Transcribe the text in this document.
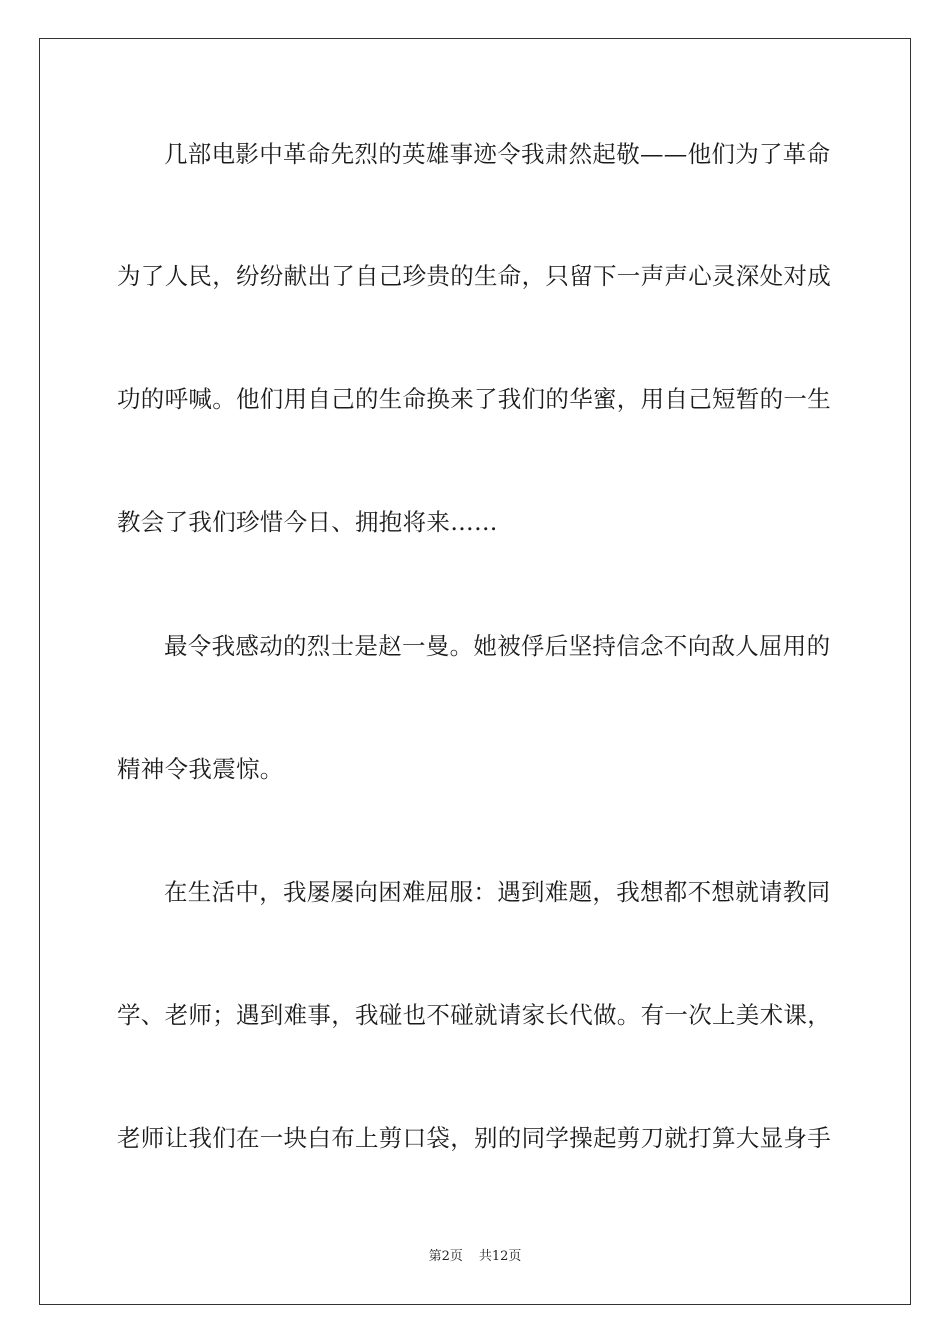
几部电影中革命先烈的英雄事迹令我肃然起敬——他们为了革命
为了人民，纷纷献出了自己珍贵的生命，只留下一声声心灵深处对成
功的呼喊。他们用自己的生命换来了我们的华蜜，用自己短暂的一生
教会了我们珍惜今日、拥抱将来……
最令我感动的烈士是赵一曼。她被俘后坚持信念不向敌人屈用的
精神令我震惊。
在生活中，我屡屡向困难屈服：遇到难题，我想都不想就请教同
学、老师；遇到难事，我碰也不碰就请家长代做。有一次上美术课，
老师让我们在一块白布上剪口袋，别的同学操起剪刀就打算大显身手
第2页 共12页
